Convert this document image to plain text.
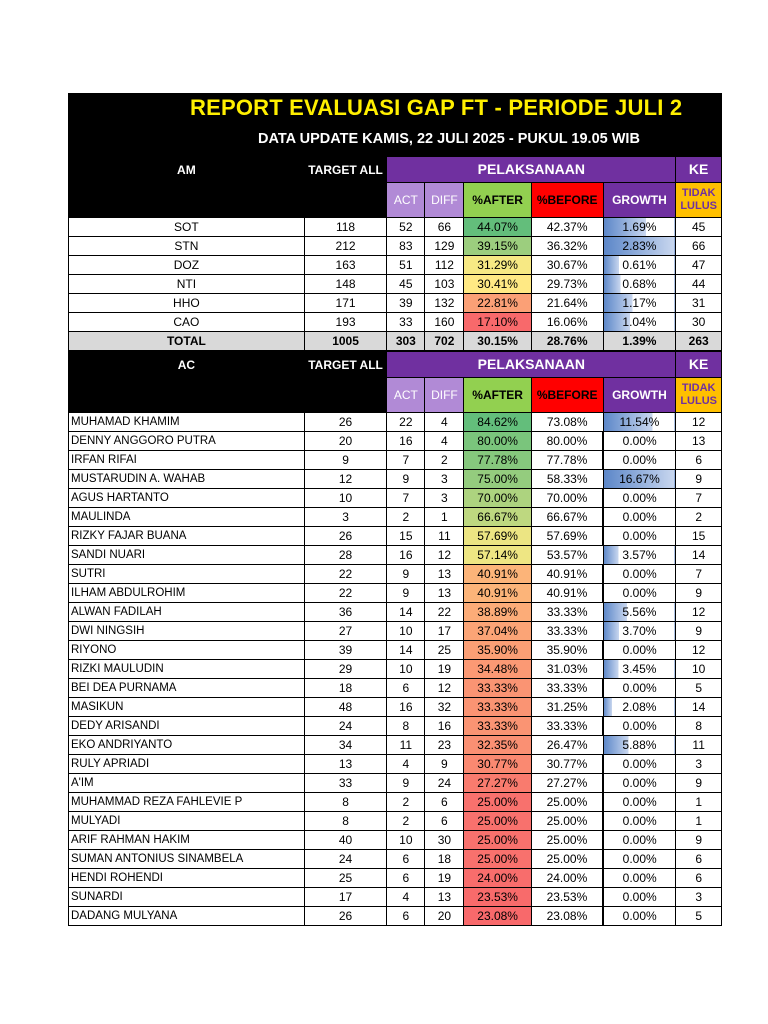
REPORT EVALUASI GAP FT - PERIODE JULI 2
DATA UPDATE KAMIS, 22 JULI 2025 - PUKUL 19.05 WIB
AM	TARGET ALL	PELAKSANAAN					KE
		ACT	DIFF	%AFTER	%BEFORE	GROWTH	TIDAK LULUS
SOT	118	52	66	44.07%	42.37%	1.69%	45
STN	212	83	129	39.15%	36.32%	2.83%	66
DOZ	163	51	112	31.29%	30.67%	0.61%	47
NTI	148	45	103	30.41%	29.73%	0.68%	44
HHO	171	39	132	22.81%	21.64%	1.17%	31
CAO	193	33	160	17.10%	16.06%	1.04%	30
TOTAL	1005	303	702	30.15%	28.76%	1.39%	263
AC	TARGET ALL	PELAKSANAAN					KE
		ACT	DIFF	%AFTER	%BEFORE	GROWTH	TIDAK LULUS
MUHAMAD KHAMIM	26	22	4	84.62%	73.08%	11.54%	12
DENNY ANGGORO PUTRA	20	16	4	80.00%	80.00%	0.00%	13
IRFAN RIFAI	9	7	2	77.78%	77.78%	0.00%	6
MUSTARUDIN A. WAHAB	12	9	3	75.00%	58.33%	16.67%	9
AGUS HARTANTO	10	7	3	70.00%	70.00%	0.00%	7
MAULINDA	3	2	1	66.67%	66.67%	0.00%	2
RIZKY FAJAR BUANA	26	15	11	57.69%	57.69%	0.00%	15
SANDI NUARI	28	16	12	57.14%	53.57%	3.57%	14
SUTRI	22	9	13	40.91%	40.91%	0.00%	7
ILHAM ABDULROHIM	22	9	13	40.91%	40.91%	0.00%	9
ALWAN FADILAH	36	14	22	38.89%	33.33%	5.56%	12
DWI NINGSIH	27	10	17	37.04%	33.33%	3.70%	9
RIYONO	39	14	25	35.90%	35.90%	0.00%	12
RIZKI MAULUDIN	29	10	19	34.48%	31.03%	3.45%	10
BEI DEA PURNAMA	18	6	12	33.33%	33.33%	0.00%	5
MASIKUN	48	16	32	33.33%	31.25%	2.08%	14
DEDY ARISANDI	24	8	16	33.33%	33.33%	0.00%	8
EKO ANDRIYANTO	34	11	23	32.35%	26.47%	5.88%	11
RULY APRIADI	13	4	9	30.77%	30.77%	0.00%	3
A'IM	33	9	24	27.27%	27.27%	0.00%	9
MUHAMMAD REZA FAHLEVIE P	8	2	6	25.00%	25.00%	0.00%	1
MULYADI	8	2	6	25.00%	25.00%	0.00%	1
ARIF RAHMAN HAKIM	40	10	30	25.00%	25.00%	0.00%	9
SUMAN ANTONIUS SINAMBELA	24	6	18	25.00%	25.00%	0.00%	6
HENDI ROHENDI	25	6	19	24.00%	24.00%	0.00%	6
SUNARDI	17	4	13	23.53%	23.53%	0.00%	3
DADANG MULYANA	26	6	20	23.08%	23.08%	0.00%	5
